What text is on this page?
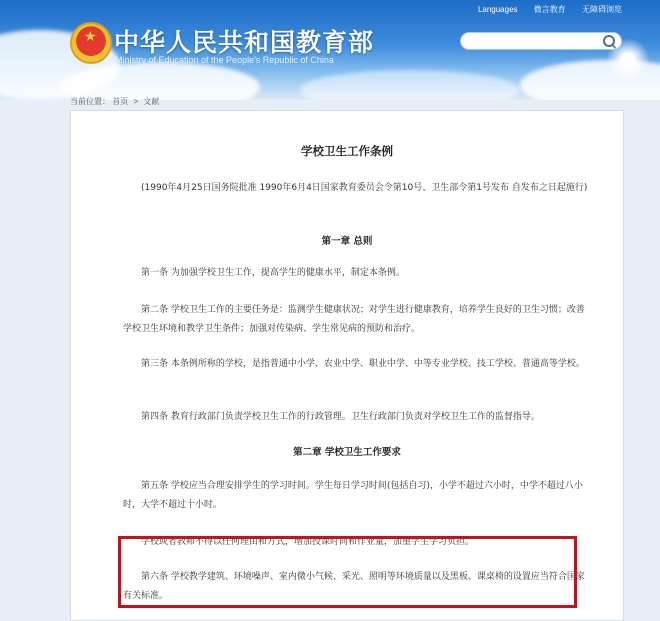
★ 中华人民共和国教育部
Ministry of Education of the People's Republic of China
Languages 微言教育 无障碍浏览
当前位置： 首页 > 文献
学校卫生工作条例
(1990年4月25日国务院批准 1990年6月4日国家教育委员会令第10号、卫生部令第1号发布 自发布之日起施行)
第一章 总则
第一条 为加强学校卫生工作，提高学生的健康水平，制定本条例。
第二条 学校卫生工作的主要任务是：监测学生健康状况；对学生进行健康教育，培养学生良好的卫生习惯；改善学校卫生环境和教学卫生条件；加强对传染病、学生常见病的预防和治疗。
第三条 本条例所称的学校，是指普通中小学、农业中学、职业中学、中等专业学校、技工学校、普通高等学校。
第四条 教育行政部门负责学校卫生工作的行政管理。卫生行政部门负责对学校卫生工作的监督指导。
第二章 学校卫生工作要求
第五条 学校应当合理安排学生的学习时间。学生每日学习时间(包括自习)，小学不超过六小时，中学不超过八小时，大学不超过十小时。
学校或者教师不得以任何理由和方式，增加授课时间和作业量，加重学生学习负担。
第六条 学校教学建筑、环境噪声、室内微小气候、采光、照明等环境质量以及黑板、课桌椅的设置应当符合国家有关标准。
